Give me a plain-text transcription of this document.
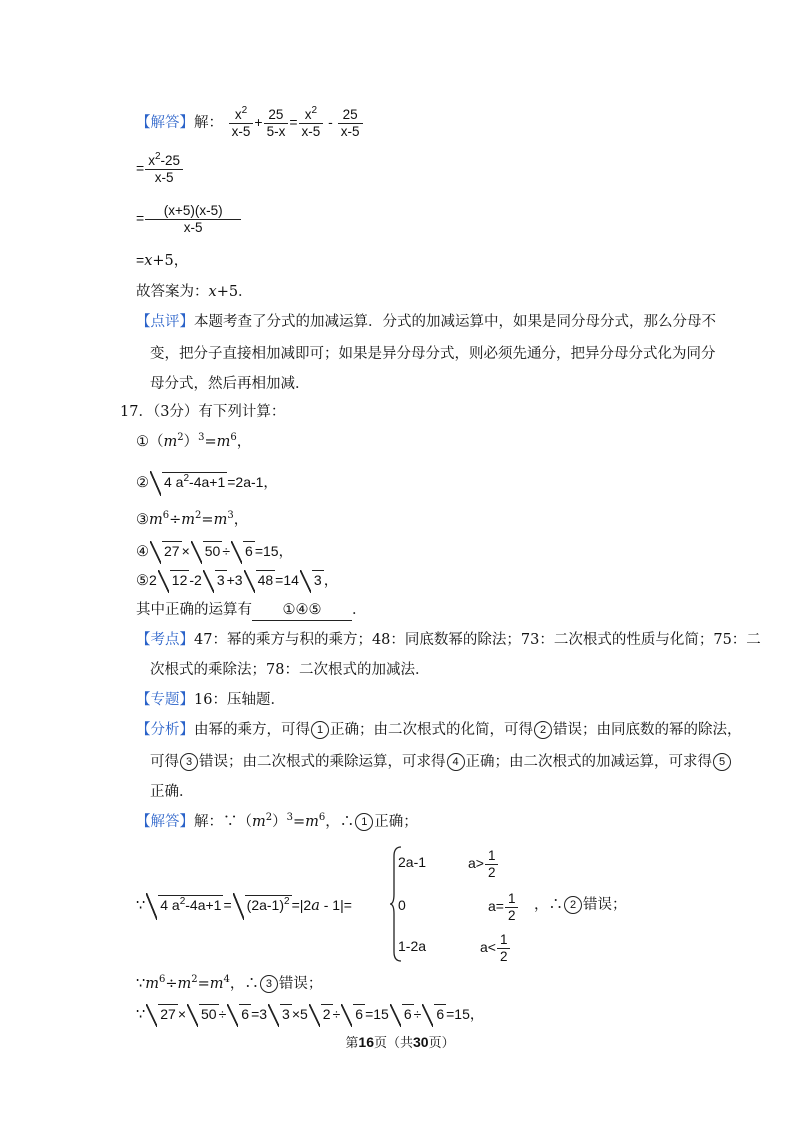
【解答】解： $\frac{x^2}{x-5} + \frac{25}{5-x} = \frac{x^2}{x-5} - \frac{25}{x-5}$
= $\frac{x^2-25}{x-5}$
= $\frac{(x+5)(x-5)}{x-5}$
=x+5，
故答案为：x+5．
【点评】本题考查了分式的加减运算．分式的加减运算中，如果是同分母分式，那么分母不
变，把分子直接相加减即可；如果是异分母分式，则必须先通分，把异分母分式化为同分
母分式，然后再相加减．
17．（3分）有下列计算：
$①(m^2)^3=m^6$，
② 4 $a^2-4a+1 =2a-1$，
$③m^6\div m^2=m^3$，
④ 27 × 50 ÷ 6 =15，
⑤2 12 -2 3 +3 48 =14 3 ，
其中正确的运算有 ①④⑤ ．
【考点】47：幂的乘方与积的乘方；48：同底数幂的除法；73：二次根式的性质与化简；75：二
次根式的乘除法；78：二次根式的加减法．
【专题】16：压轴题．
【分析】由幂的乘方，可得 1 正确；由二次根式的化简，可得 2 错误；由同底数的幂的除法，
可得 3 错误；由二次根式的乘除运算，可求得 4 正确；由二次根式的加减运算，可求得 5
正确．
【解答】解：$\because(m^2)^3=m^6$，∴ 1 正确；
∵ 4 $a^2-4a+1 = (2a-1)^2 =|2a - 1|=$
2a-1	$a> \frac{1}{2}$
0	$a= \frac{1}{2}$
1-2a	$a< \frac{1}{2}$
，∴ 2 错误；
$\because m^6\div m^2=m^4$，∴ 3 错误；
∵ 27 × 50 ÷ 6 =3 3 ×5 2 ÷ 6 =15 6 ÷ 6 =15，
第16页（共30页）
